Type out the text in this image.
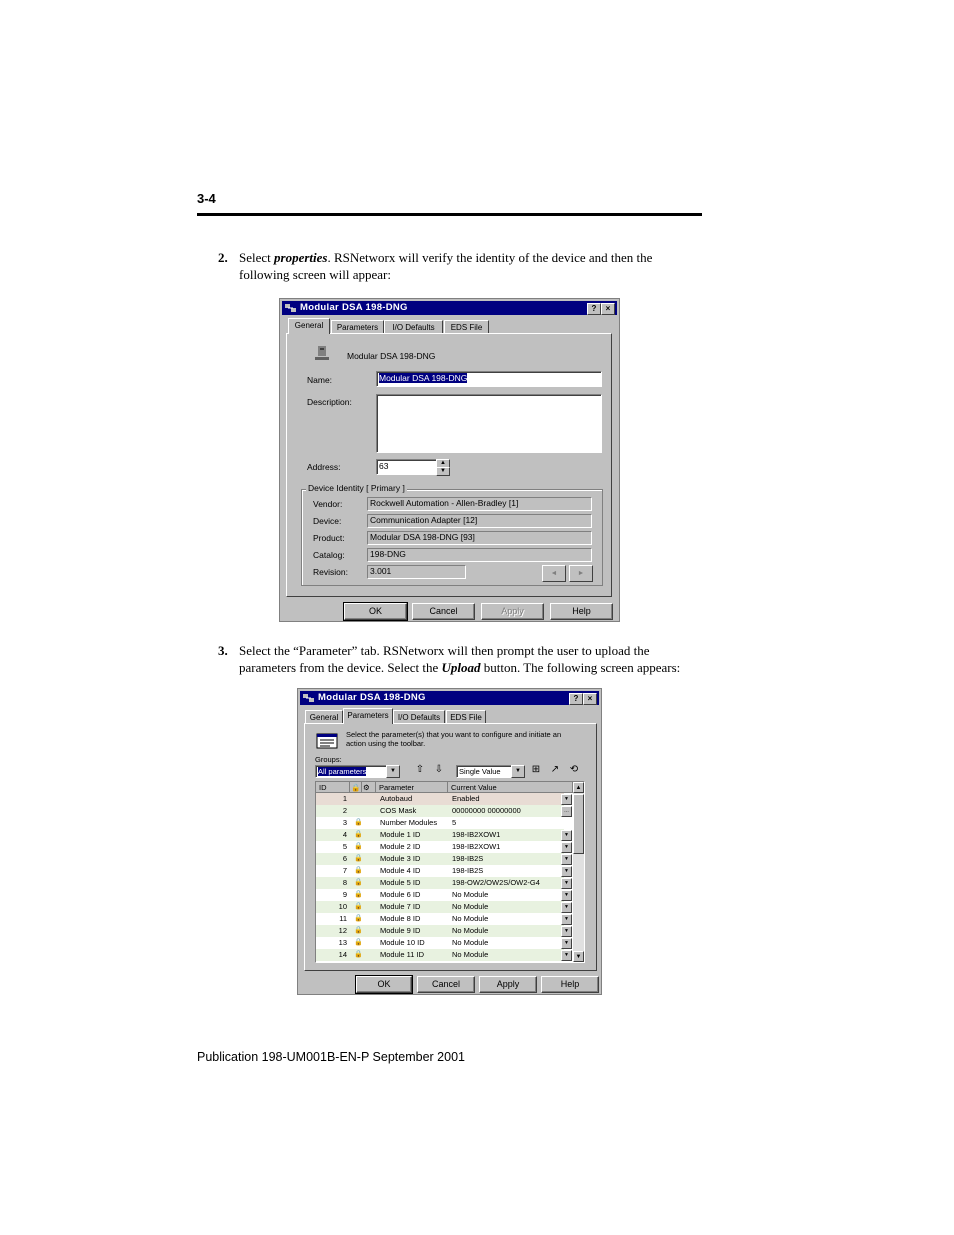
3-4
2. Select properties. RSNetworx will verify the identity of the device and then the
following screen will appear:
Modular DSA 198-DNG	?	×
General	Parameters	I/O Defaults	EDS File
Modular DSA 198-DNG
Name:	Modular DSA 198-DNG
Description:
Address:	63	▲
▼
Device Identity [ Primary ]
Vendor:	Rockwell Automation - Allen-Bradley [1]
Device:	Communication Adapter [12]
Product:	Modular DSA 198-DNG [93]
Catalog:	198-DNG
Revision:	3.001	◄	►
OK	Cancel	Apply	Help
3. Select the “Parameter” tab. RSNetworx will then prompt the user to upload the
parameters from the device. Select the Upload button. The following screen appears:
Modular DSA 198-DNG	?	×
General	Parameters	I/O Defaults	EDS File
Select the parameter(s) that you want to configure and initiate an
action using the toolbar.
Groups:
All parameters	▼	⇧ ⇩	Single Value	▼	⊞ ↗ ⟲
ID	🔒 ⚙	Parameter	Current Value
1	Autobaud	Enabled	▼
2	COS Mask	00000000 00000000	…
3 🔒 Number Modules 5
4 🔒 Module 1 ID	198-IB2XOW1	▼
5 🔒 Module 2 ID	198-IB2XOW1	▼
6 🔒 Module 3 ID	198-IB2S	▼
7 🔒 Module 4 ID	198-IB2S	▼
8 🔒 Module 5 ID	198-OW2/OW2S/OW2-G4	▼
9 🔒 Module 6 ID	No Module	▼
10 🔒 Module 7 ID	No Module	▼
11 🔒 Module 8 ID	No Module	▼
12 🔒 Module 9 ID	No Module	▼
13 🔒 Module 10 ID	No Module	▼
14 🔒 Module 11 ID	No Module	▼
▲
▼
OK	Cancel	Apply	Help
Publication 198-UM001B-EN-P September 2001
